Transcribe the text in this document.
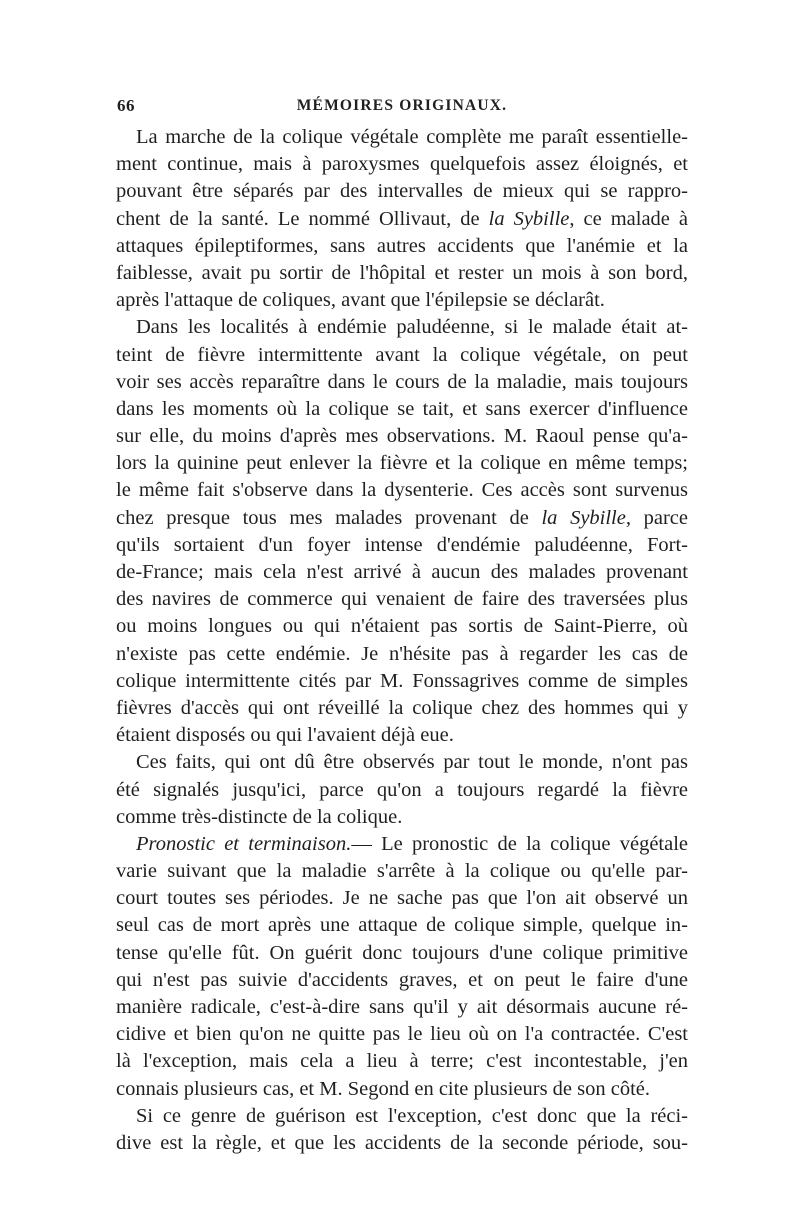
66	MÉMOIRES ORIGINAUX.
La marche de la colique végétale complète me paraît essentielle-
ment continue, mais à paroxysmes quelquefois assez éloignés, et
pouvant être séparés par des intervalles de mieux qui se rappro-
chent de la santé. Le nommé Ollivaut, de la Sybille, ce malade à
attaques épileptiformes, sans autres accidents que l'anémie et la
faiblesse, avait pu sortir de l'hôpital et rester un mois à son bord,
après l'attaque de coliques, avant que l'épilepsie se déclarât.
Dans les localités à endémie paludéenne, si le malade était at-
teint de fièvre intermittente avant la colique végétale, on peut
voir ses accès reparaître dans le cours de la maladie, mais toujours
dans les moments où la colique se tait, et sans exercer d'influence
sur elle, du moins d'après mes observations. M. Raoul pense qu'a-
lors la quinine peut enlever la fièvre et la colique en même temps;
le même fait s'observe dans la dysenterie. Ces accès sont survenus
chez presque tous mes malades provenant de la Sybille, parce
qu'ils sortaient d'un foyer intense d'endémie paludéenne, Fort-
de-France; mais cela n'est arrivé à aucun des malades provenant
des navires de commerce qui venaient de faire des traversées plus
ou moins longues ou qui n'étaient pas sortis de Saint-Pierre, où
n'existe pas cette endémie. Je n'hésite pas à regarder les cas de
colique intermittente cités par M. Fonssagrives comme de simples
fièvres d'accès qui ont réveillé la colique chez des hommes qui y
étaient disposés ou qui l'avaient déjà eue.
Ces faits, qui ont dû être observés par tout le monde, n'ont pas
été signalés jusqu'ici, parce qu'on a toujours regardé la fièvre
comme très-distincte de la colique.
Pronostic et terminaison.— Le pronostic de la colique végétale
varie suivant que la maladie s'arrête à la colique ou qu'elle par-
court toutes ses périodes. Je ne sache pas que l'on ait observé un
seul cas de mort après une attaque de colique simple, quelque in-
tense qu'elle fût. On guérit donc toujours d'une colique primitive
qui n'est pas suivie d'accidents graves, et on peut le faire d'une
manière radicale, c'est-à-dire sans qu'il y ait désormais aucune ré-
cidive et bien qu'on ne quitte pas le lieu où on l'a contractée. C'est
là l'exception, mais cela a lieu à terre; c'est incontestable, j'en
connais plusieurs cas, et M. Segond en cite plusieurs de son côté.
Si ce genre de guérison est l'exception, c'est donc que la réci-
dive est la règle, et que les accidents de la seconde période, sou-
